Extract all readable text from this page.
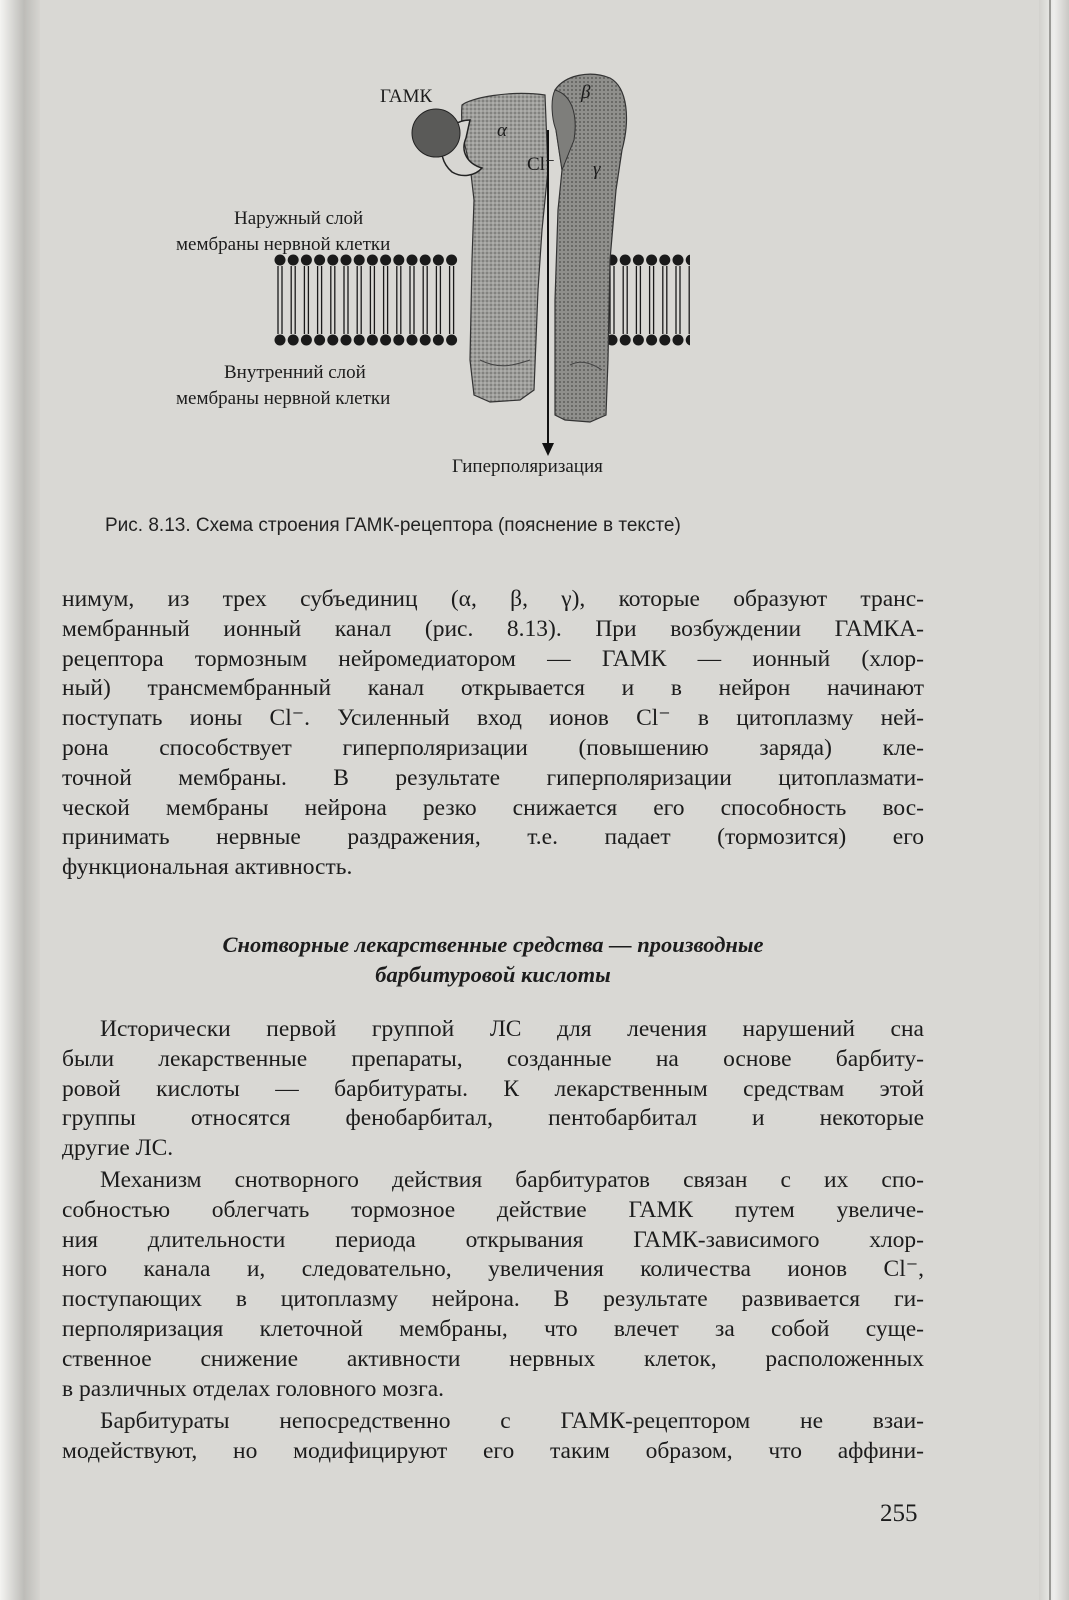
ГАМК	β
α
Cl⁻ γ
Наружный слой
мембраны нервной клетки
Внутренний слой
мембраны нервной клетки
Гиперполяризация
Рис. 8.13. Схема строения ГАМК-рецептора (пояснение в тексте)
нимум, из трех субъединиц (α, β, γ), которые образуют транс-
мембранный ионный канал (рис. 8.13). При возбуждении ГАМКА-
рецептора тормозным нейромедиатором — ГАМК — ионный (хлор-
ный) трансмембранный канал открывается и в нейрон начинают
поступать ионы Cl⁻. Усиленный вход ионов Cl⁻ в цитоплазму ней-
рона способствует гиперполяризации (повышению заряда) кле-
точной мембраны. В результате гиперполяризации цитоплазмати-
ческой мембраны нейрона резко снижается его способность вос-
принимать нервные раздражения, т.е. падает (тормозится) его
функциональная активность.
Снотворные лекарственные средства — производные
барбитуровой кислоты
Исторически первой группой ЛС для лечения нарушений сна
были лекарственные препараты, созданные на основе барбиту-
ровой кислоты — барбитураты. К лекарственным средствам этой
группы относятся фенобарбитал, пентобарбитал и некоторые
другие ЛС.
Механизм снотворного действия барбитуратов связан с их спо-
собностью облегчать тормозное действие ГАМК путем увеличе-
ния длительности периода открывания ГАМК-зависимого хлор-
ного канала и, следовательно, увеличения количества ионов Cl⁻,
поступающих в цитоплазму нейрона. В результате развивается ги-
перполяризация клеточной мембраны, что влечет за собой суще-
ственное снижение активности нервных клеток, расположенных
в различных отделах головного мозга.
Барбитураты непосредственно с ГАМК-рецептором не взаи-
модействуют, но модифицируют его таким образом, что аффини-
255
